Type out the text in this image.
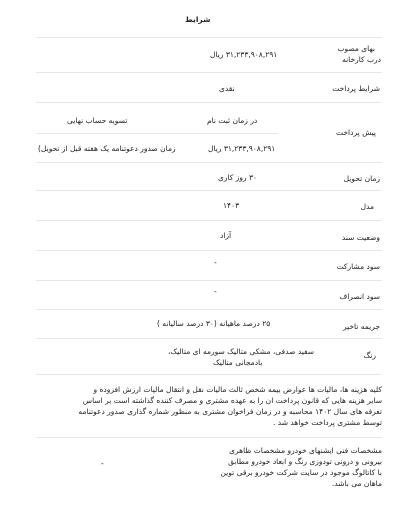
شرایط
بهای مصوب
درب کارخانه
۳۱,۲۳۳,۹۰۸,۲۹۱ ریال
شرایط پرداخت
نقدی
پیش پرداخت
در زمان ثبت نام
تسویه حساب نهایی
۳۱,۲۳۳,۹۰۸,۲۹۱ ریال
زمان صدور دعوتنامه یک هفته قبل از تحویل)
زمان تحویل
۳۰ روز کاری
مدل
۱۴۰۳
وضعیت سند
آزاد
سود مشارکت
-
سود انصراف
-
جریمه تاخیر
۲۵ درصد ماهیانه (۳۰ درصد سالیانه )
رنگ
سفید صدفی، مشکی متالیک سورمه ای متالیک،
بادمجانی متالیک
کلیه هزینه ها، مالیات ها عوارض بیمه شخص ثالث مالیات نقل و انتقال مالیات ارزش افزوده و
سایر هزینه هایی که قانون پرداخت ان را به عهده مشتری و مصرف کننده گذاشته است بر اساس
تعرفه های سال ۱۴۰۲ محاسبه و در زمان فراخوان مشتری به منظور شماره گذاری صدور دعوتنامه
توسط مشتری پرداخت خواهد شد .
مشخصات فنی ایشنهای خودرو مشخصات ظاهری
بیرونی و درونی تودوزی رنگ و ابعاد خودرو مطابق
با کاتالوگ موجود در سایت شرکت خودرو برقی توین
ماهان می باشد.
-
